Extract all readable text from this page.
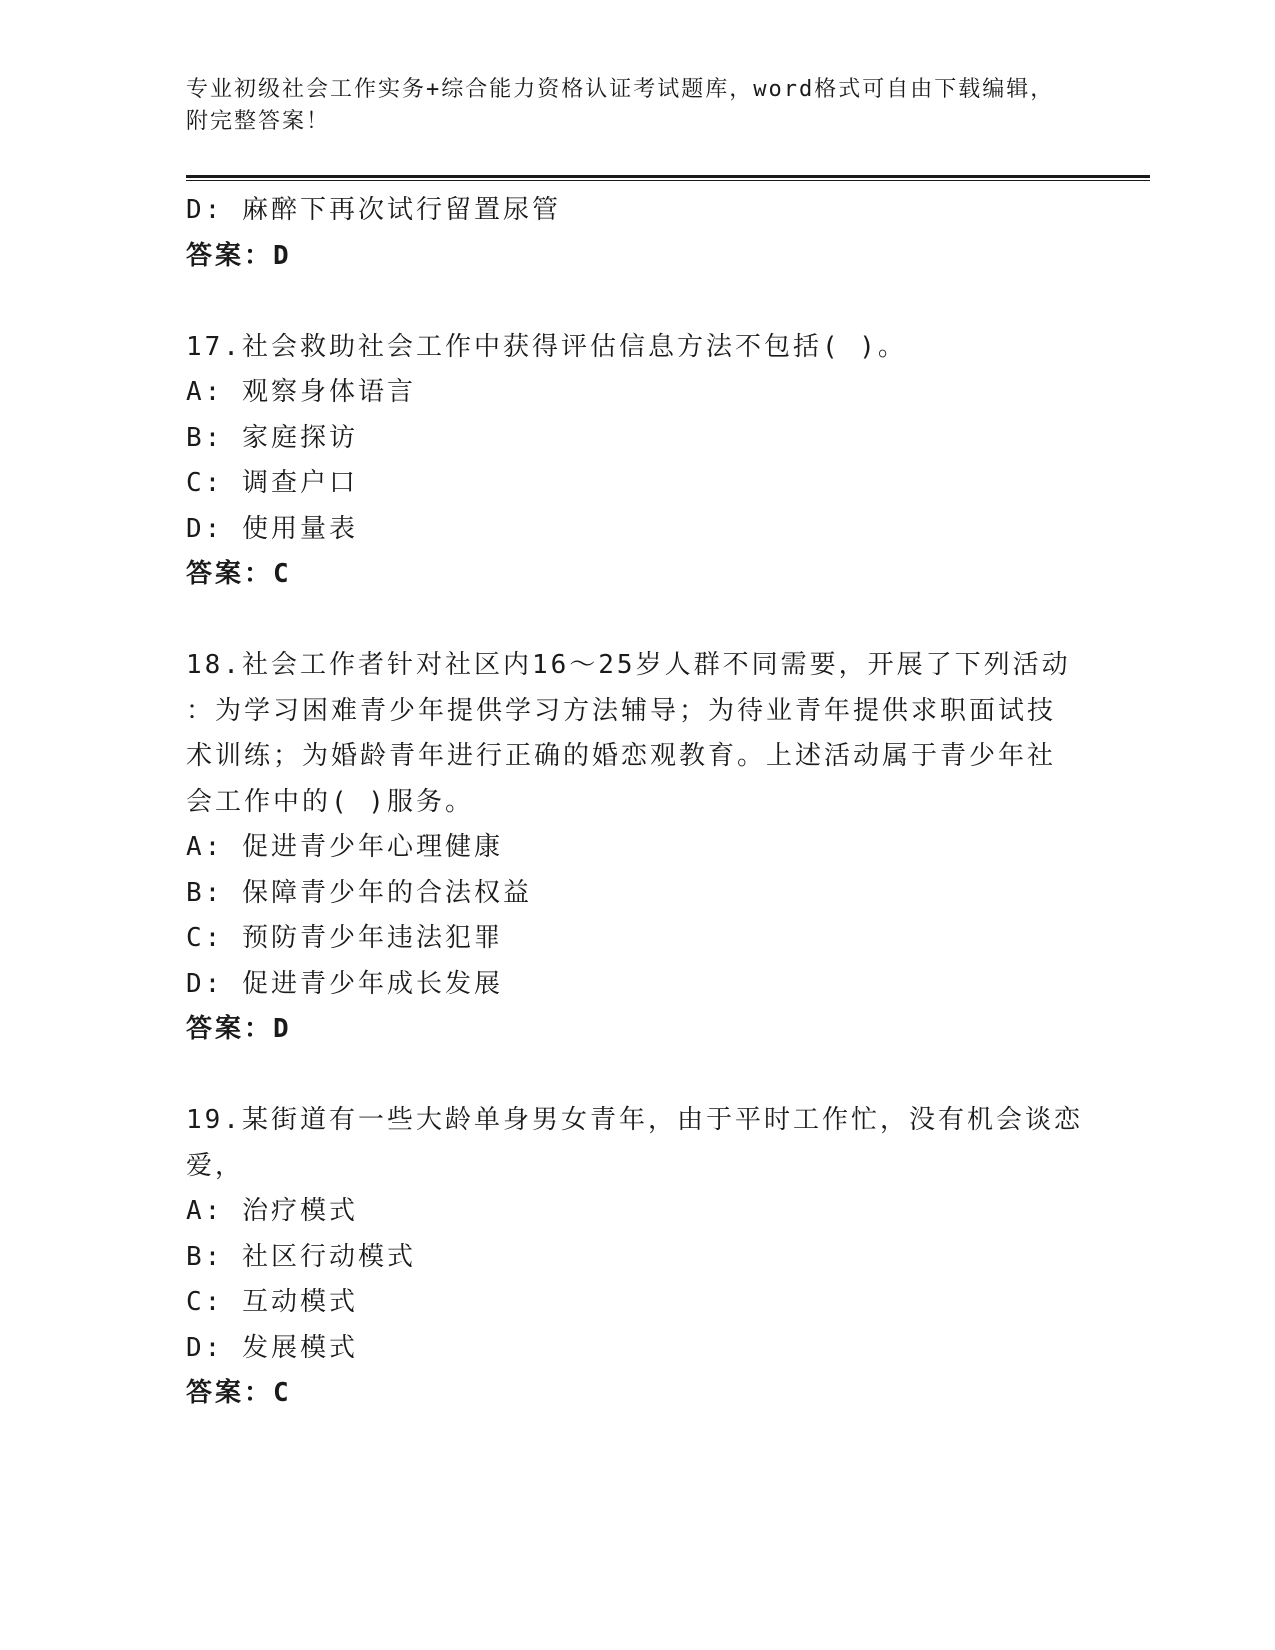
专业初级社会工作实务+综合能力资格认证考试题库，word格式可自由下载编辑，
附完整答案！
D: 麻醉下再次试行留置尿管
答案：D
17.社会救助社会工作中获得评估信息方法不包括( )。
A: 观察身体语言
B: 家庭探访
C: 调查户口
D: 使用量表
答案：C
18.社会工作者针对社区内16～25岁人群不同需要，开展了下列活动
：为学习困难青少年提供学习方法辅导；为待业青年提供求职面试技
术训练；为婚龄青年进行正确的婚恋观教育。上述活动属于青少年社
会工作中的( )服务。
A: 促进青少年心理健康
B: 保障青少年的合法权益
C: 预防青少年违法犯罪
D: 促进青少年成长发展
答案：D
19.某街道有一些大龄单身男女青年，由于平时工作忙，没有机会谈恋
爱，
A: 治疗模式
B: 社区行动模式
C: 互动模式
D: 发展模式
答案：C
